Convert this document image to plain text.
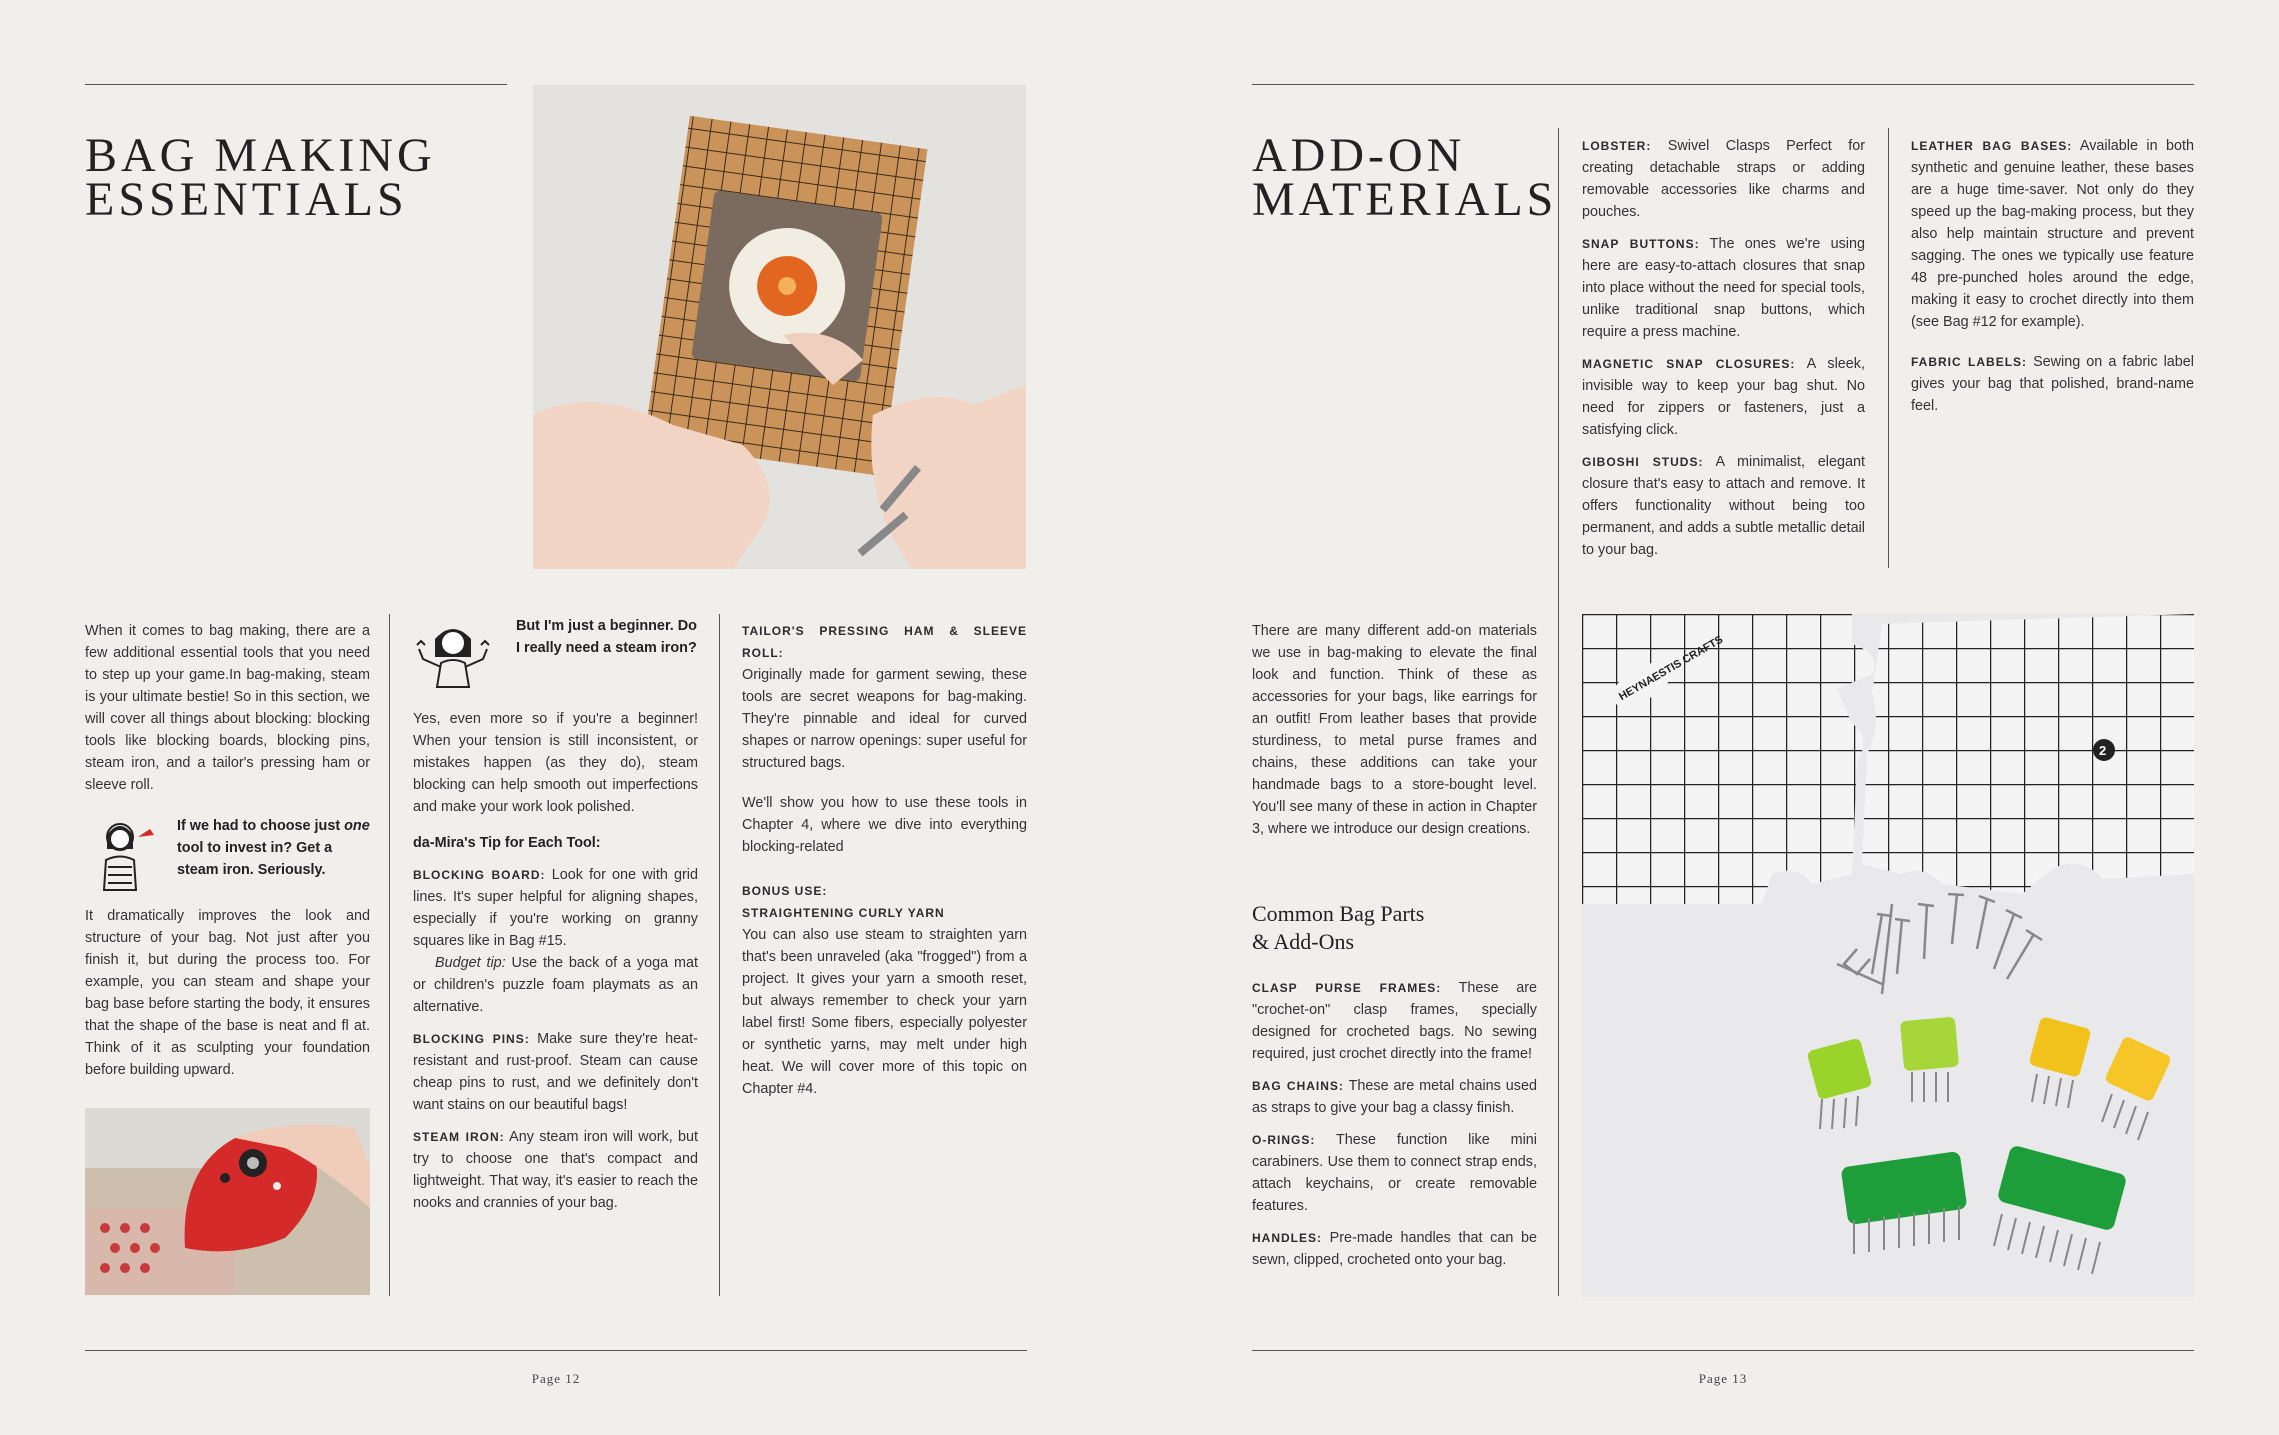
BAG MAKING
ESSENTIALS

When it comes to bag making, there are a few additional essential tools that you need to step up your game.In bag-making, steam is your ultimate bestie! So in this section, we will cover all things about blocking: blocking tools like blocking boards, blocking pins, steam iron, and a tailor's pressing ham or sleeve roll.

If we had to choose just one tool to invest in? Get a steam iron. Seriously.

It dramatically improves the look and structure of your bag. Not just after you finish it, but during the process too. For example, you can steam and shape your bag base before starting the body, it ensures that the shape of the base is neat and fl at. Think of it as sculpting your foundation before building upward.

But I'm just a beginner. Do I really need a steam iron?

Yes, even more so if you're a beginner! When your tension is still inconsistent, or mistakes happen (as they do), steam blocking can help smooth out imperfections and make your work look polished.

da-Mira's Tip for Each Tool:

BLOCKING BOARD: Look for one with grid lines. It's super helpful for aligning shapes, especially if you're working on granny squares like in Bag #15.

Budget tip: Use the back of a yoga mat or children's puzzle foam playmats as an alternative.

BLOCKING PINS: Make sure they're heat-resistant and rust-proof. Steam can cause cheap pins to rust, and we definitely don't want stains on our beautiful bags!

STEAM IRON: Any steam iron will work, but try to choose one that's compact and lightweight. That way, it's easier to reach the nooks and crannies of your bag.

TAILOR'S PRESSING HAM & SLEEVE ROLL:

Originally made for garment sewing, these tools are secret weapons for bag-making. They're pinnable and ideal for curved shapes or narrow openings: super useful for structured bags.

We'll show you how to use these tools in Chapter 4, where we dive into everything blocking-related

BONUS USE:

STRAIGHTENING CURLY YARN

You can also use steam to straighten yarn that's been unraveled (aka "frogged") from a project. It gives your yarn a smooth reset, but always remember to check your yarn label first! Some fibers, especially polyester or synthetic yarns, may melt under high heat. We will cover more of this topic on Chapter #4.

Page 12
ADD-ON
MATERIALS

LOBSTER: Swivel Clasps Perfect for creating detachable straps or adding removable accessories like charms and pouches.

SNAP BUTTONS: The ones we're using here are easy-to-attach closures that snap into place without the need for special tools, unlike traditional snap buttons, which require a press machine.

MAGNETIC SNAP CLOSURES: A sleek, invisible way to keep your bag shut. No need for zippers or fasteners, just a satisfying click.

GIBOSHI STUDS: A minimalist, elegant closure that's easy to attach and remove. It offers functionality without being too permanent, and adds a subtle metallic detail to your bag.

LEATHER BAG BASES: Available in both synthetic and genuine leather, these bases are a huge time-saver. Not only do they speed up the bag-making process, but they also help maintain structure and prevent sagging. The ones we typically use feature 48 pre-punched holes around the edge, making it easy to crochet directly into them (see Bag #12 for example).

FABRIC LABELS: Sewing on a fabric label gives your bag that polished, brand-name feel.

There are many different add-on materials we use in bag-making to elevate the final look and function. Think of these as accessories for your bags, like earrings for an outfit! From leather bases that provide sturdiness, to metal purse frames and chains, these additions can take your handmade bags to a store-bought level. You'll see many of these in action in Chapter 3, where we introduce our design creations.

Common Bag Parts

& Add-Ons

CLASP PURSE FRAMES: These are "crochet-on" clasp frames, specially designed for crocheted bags. No sewing required, just crochet directly into the frame!

BAG CHAINS: These are metal chains used as straps to give your bag a classy finish.

O-RINGS: These function like mini carabiners. Use them to connect strap ends, attach keychains, or create removable features.

HANDLES: Pre-made handles that can be sewn, clipped, crocheted onto your bag.

HEYNAESTIS CRAFTS
2
Page 13
